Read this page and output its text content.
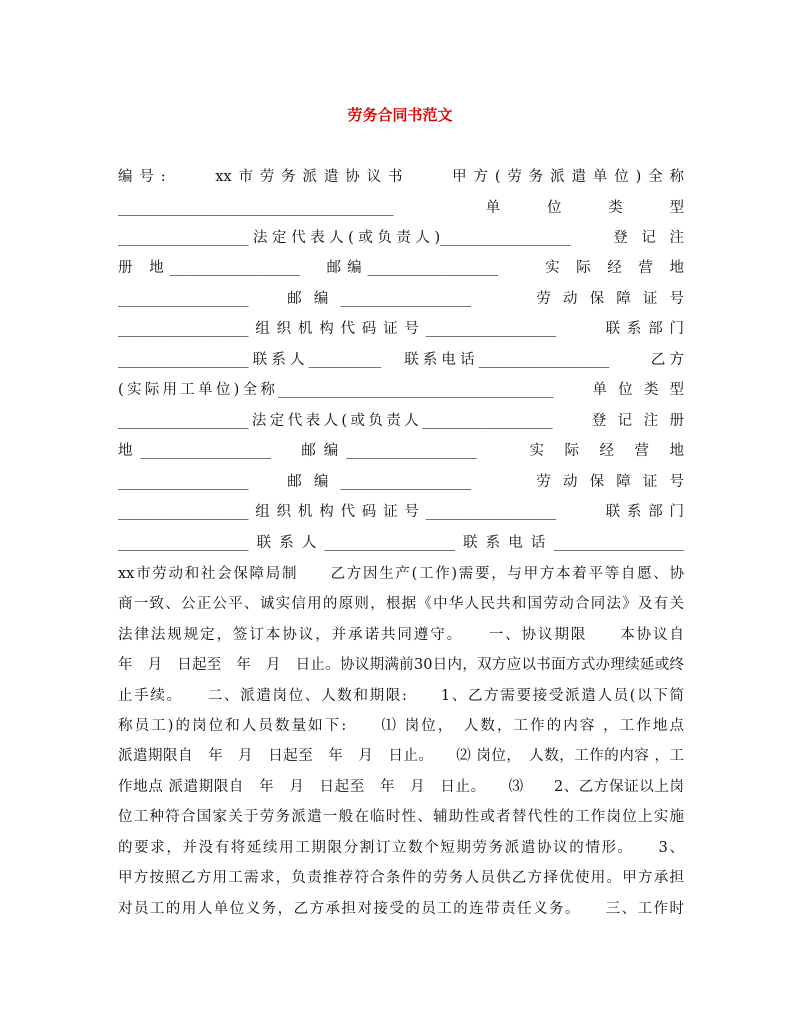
劳务合同书范文
编号:　　xx市劳务派遣协议书　　甲方(劳务派遣单位)全称
______________________________________　　单 位 类 型
__________________法定代表人(或负责人)__________________　　登 记 注
册 地__________________　邮编__________________　　实 际 经 营 地
__________________　邮编__________________　　劳动保障证号
__________________组织机构代码证号__________________　　联系部门
__________________联系人__________　联系电话__________________　　乙方
(实际用工单位)全称______________________________________　　单 位 类 型
__________________法定代表人(或负责人__________________　　登 记 注 册
地__________________　邮编__________________　　实 际 经 营 地
__________________　邮编__________________　　劳动保障证号
__________________组织机构代码证号__________________　　联系部门
__________________联系人__________________联系电话__________________
xx市劳动和社会保障局制　　乙方因生产(工作)需要，与甲方本着平等自愿、协
商一致、公正公平、诚实信用的原则，根据《中华人民共和国劳动合同法》及有关
法律法规规定，签订本协议，并承诺共同遵守。　　一、协议期限　　本协议自
年　月　日起至　年　月　日止。协议期满前30日内，双方应以书面方式办理续延或终
止手续。　　二、派遣岗位、人数和期限:　　1、乙方需要接受派遣人员(以下简
称员工)的岗位和人员数量如下:　　⑴ 岗位，　人数，工作的内容 ，工作地点
派遣期限自　年　月　日起至　年　月　日止。　　⑵ 岗位，　人数，工作的内容 ，工
作地点 派遣期限自　年　月　日起至　年　月　日止。　　⑶　　2、乙方保证以上岗
位工种符合国家关于劳务派遣一般在临时性、辅助性或者替代性的工作岗位上实施
的要求，并没有将延续用工期限分割订立数个短期劳务派遣协议的情形。　　3、
甲方按照乙方用工需求，负责推荐符合条件的劳务人员供乙方择优使用。甲方承担
对员工的用人单位义务，乙方承担对接受的员工的连带责任义务。　　三、工作时
